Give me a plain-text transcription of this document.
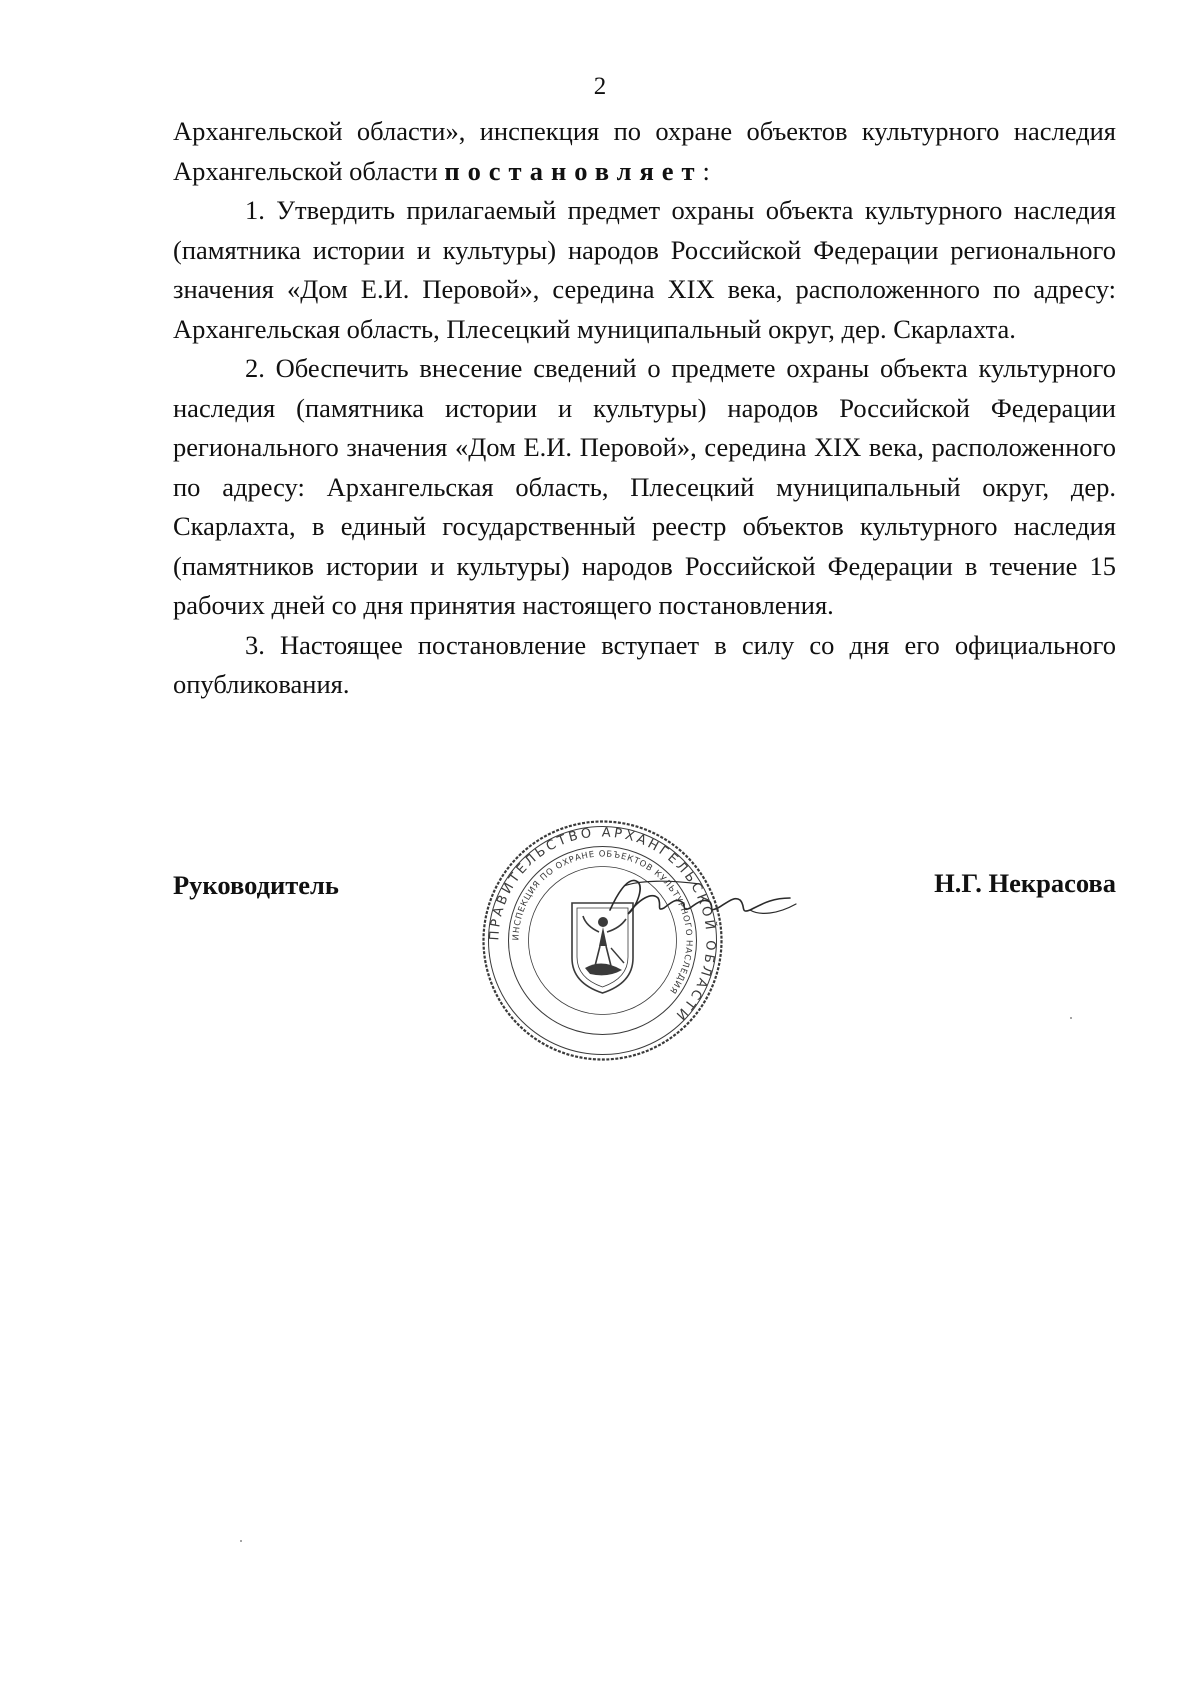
2

Архангельской области», инспекция по охране объектов культурного наследия Архангельской области постановляет:

1. Утвердить прилагаемый предмет охраны объекта культурного наследия (памятника истории и культуры) народов Российской Федерации регионального значения «Дом Е.И. Перовой», середина XIX века, расположенного по адресу: Архангельская область, Плесецкий муниципальный округ, дер. Скарлахта.

2. Обеспечить внесение сведений о предмете охраны объекта культурного наследия (памятника истории и культуры) народов Российской Федерации регионального значения «Дом Е.И. Перовой», середина XIX века, расположенного по адресу: Архангельская область, Плесецкий муниципальный округ, дер. Скарлахта, в единый государственный реестр объектов культурного наследия (памятников истории и культуры) народов Российской Федерации в течение 15 рабочих дней со дня принятия настоящего постановления.

3. Настоящее постановление вступает в силу со дня его официального опубликования.

Руководитель	Н.Г. Некрасова
ПРАВИТЕЛЬСТВО АРХАНГЕЛЬСКОЙ ОБЛАСТИ
ИНСПЕКЦИЯ ПО ОХРАНЕ ОБЪЕКТОВ КУЛЬТУРНОГО НАСЛЕДИЯ
